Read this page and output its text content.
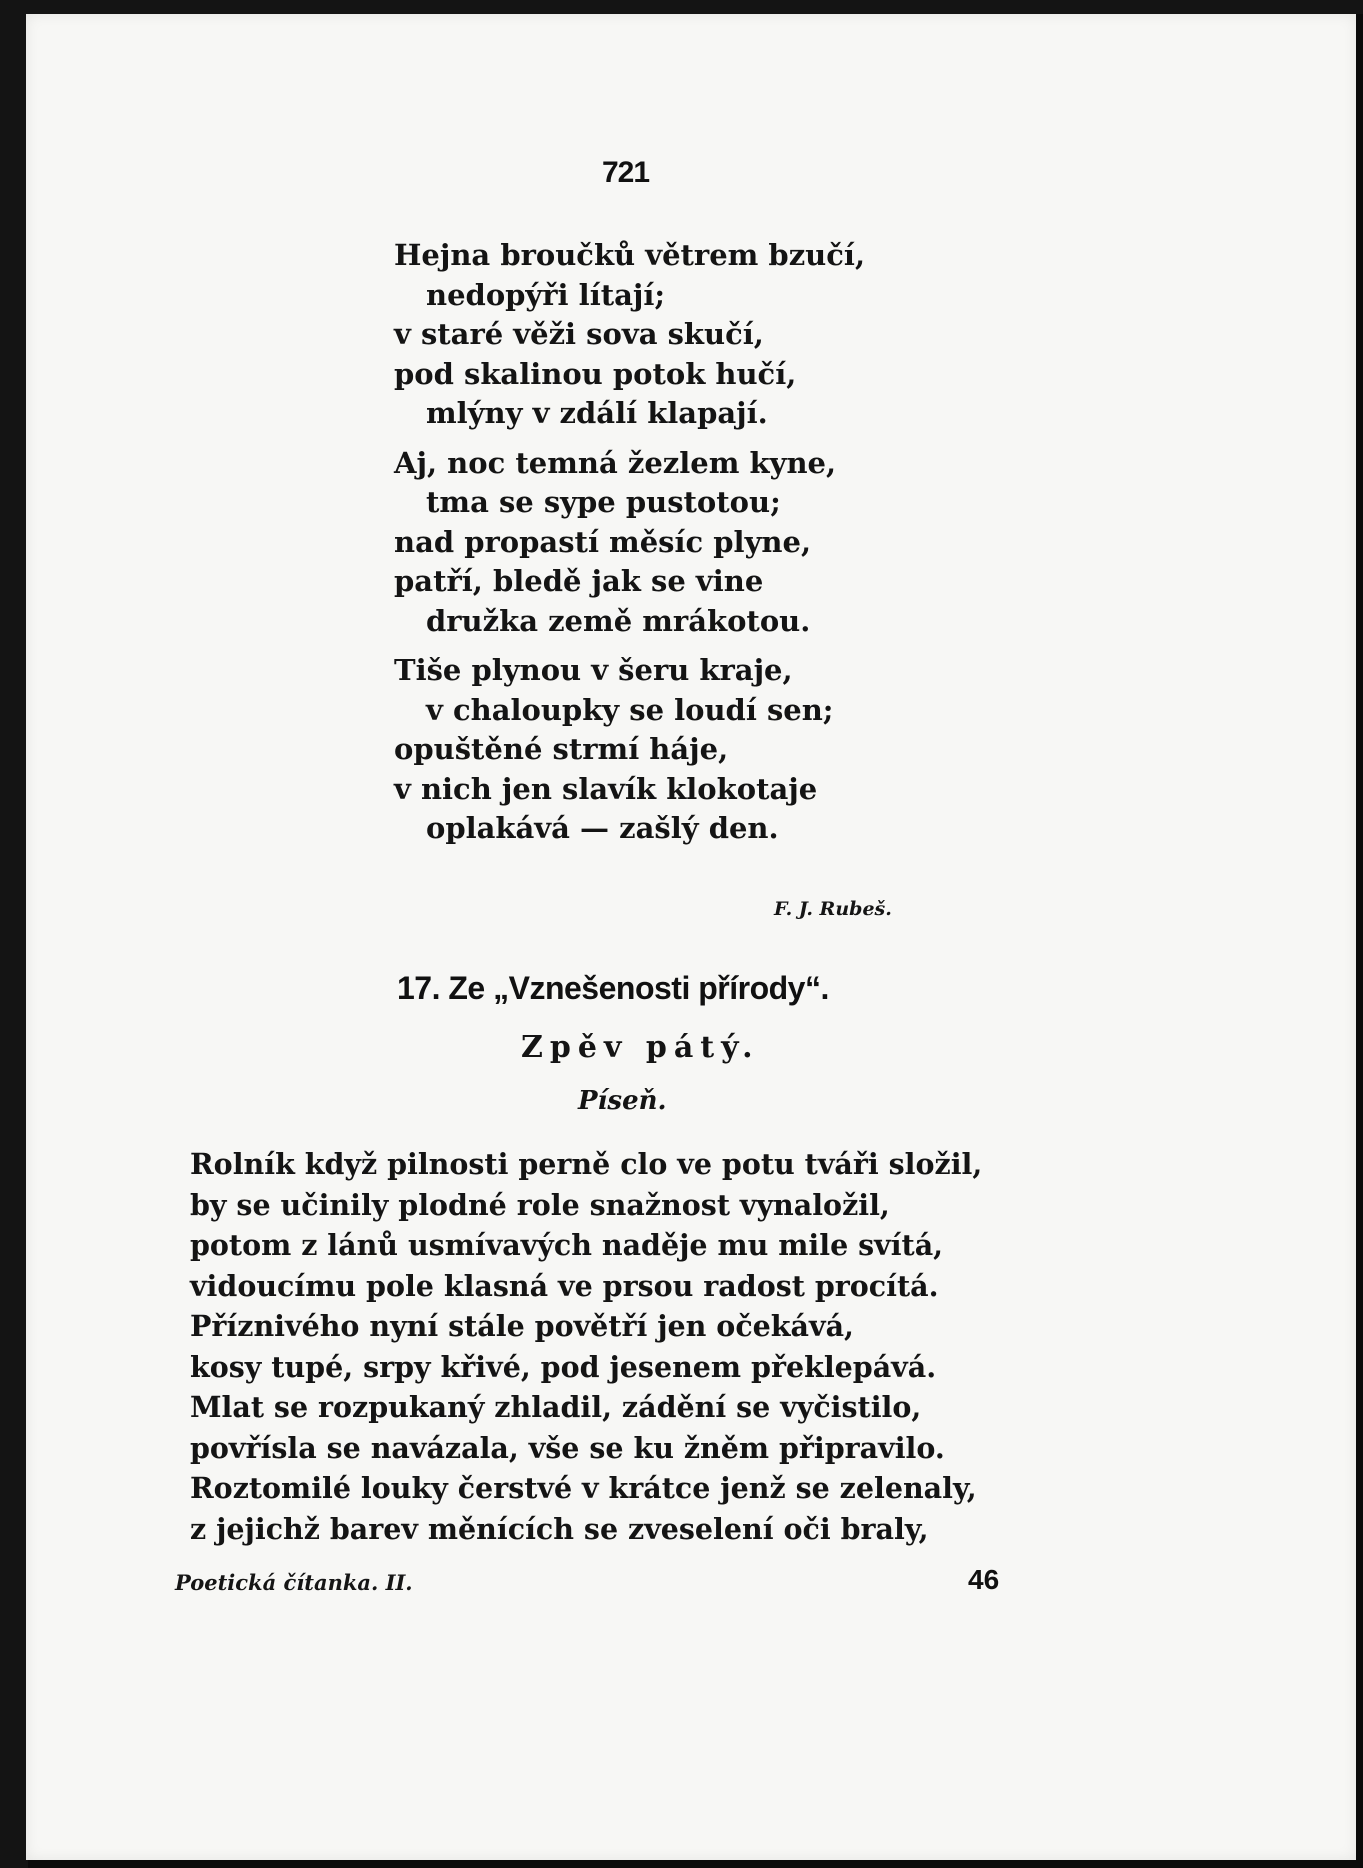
721
Hejna broučků větrem bzučí,
nedopýři lítají;
v staré věži sova skučí,
pod skalinou potok hučí,
mlýny v zdálí klapají.
Aj, noc temná žezlem kyne,
tma se sype pustotou;
nad propastí měsíc plyne,
patří, bledě jak se vine
družka země mrákotou.
Tiše plynou v šeru kraje,
v chaloupky se loudí sen;
opuštěné strmí háje,
v nich jen slavík klokotaje
oplakává — zašlý den.
F. J. Rubeš.
17. Ze „Vznešenosti přírody“.
Zpěv pátý.
Píseň.
Rolník když pilnosti perně clo ve potu tváři složil,
by se učinily plodné role snažnost vynaložil,
potom z lánů usmívavých naděje mu mile svítá,
vidoucímu pole klasná ve prsou radost procítá.
Příznivého nyní stále povětří jen očekává,
kosy tupé, srpy křivé, pod jesenem překlepává.
Mlat se rozpukaný zhladil, zádění se vyčistilo,
povřísla se navázala, vše se ku žněm připravilo.
Roztomilé louky čerstvé v krátce jenž se zelenaly,
z jejichž barev měnících se zveselení oči braly,
Poetická čítanka. II.	46
